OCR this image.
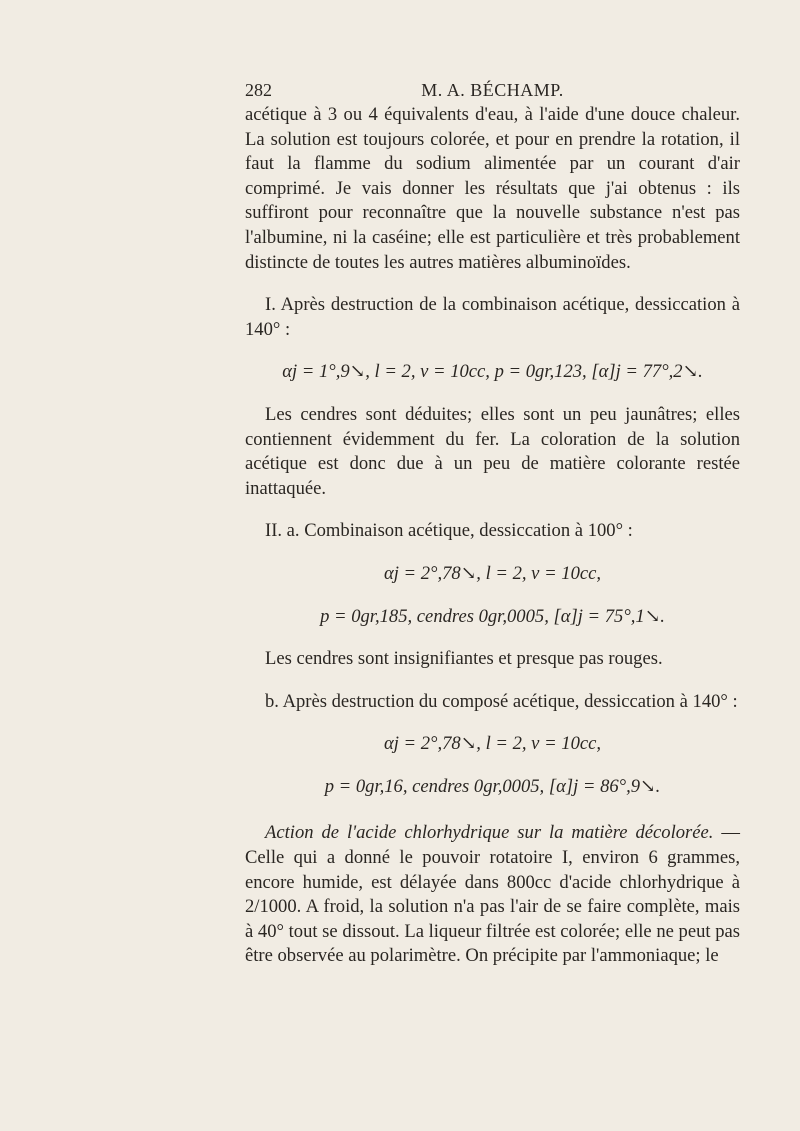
282	M. A. BÉCHAMP.

acétique à 3 ou 4 équivalents d'eau, à l'aide d'une douce chaleur. La solution est toujours colorée, et pour en prendre la rotation, il faut la flamme du sodium alimentée par un courant d'air comprimé. Je vais donner les résultats que j'ai obtenus : ils suffiront pour reconnaître que la nouvelle substance n'est pas l'albumine, ni la caséine; elle est particulière et très probablement distincte de toutes les autres matières albuminoïdes.

I. Après destruction de la combinaison acétique, dessiccation à 140° :

αj = 1°,9↘, l = 2, v = 10cc, p = 0gr,123, [α]j = 77°,2↘.

Les cendres sont déduites; elles sont un peu jaunâtres; elles contiennent évidemment du fer. La coloration de la solution acétique est donc due à un peu de matière colorante restée inattaquée.

II. a. Combinaison acétique, dessiccation à 100° :

αj = 2°,78↘, l = 2, v = 10cc,

p = 0gr,185, cendres 0gr,0005, [α]j = 75°,1↘.

Les cendres sont insignifiantes et presque pas rouges.

b. Après destruction du composé acétique, dessiccation à 140° :

αj = 2°,78↘, l = 2, v = 10cc,

p = 0gr,16, cendres 0gr,0005, [α]j = 86°,9↘.

Action de l'acide chlorhydrique sur la matière décolorée. — Celle qui a donné le pouvoir rotatoire I, environ 6 grammes, encore humide, est délayée dans 800cc d'acide chlorhydrique à 2/1000. A froid, la solution n'a pas l'air de se faire complète, mais à 40° tout se dissout. La liqueur filtrée est colorée; elle ne peut pas être observée au polarimètre. On précipite par l'ammoniaque; le
